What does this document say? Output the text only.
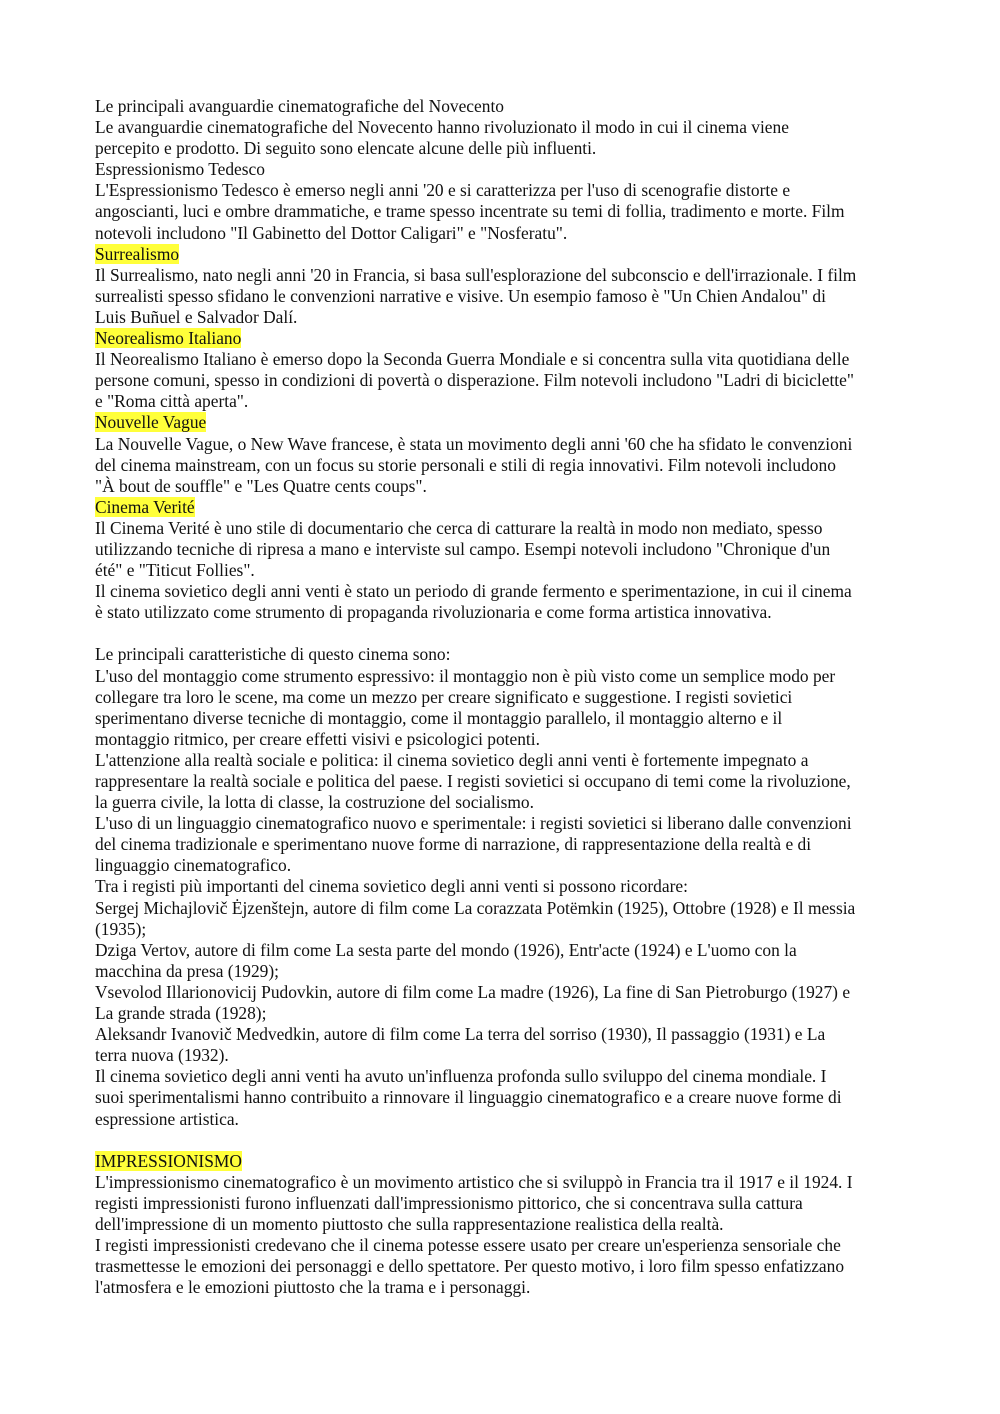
Le principali avanguardie cinematografiche del Novecento

Le avanguardie cinematografiche del Novecento hanno rivoluzionato il modo in cui il cinema viene

percepito e prodotto. Di seguito sono elencate alcune delle più influenti.

Espressionismo Tedesco

L'Espressionismo Tedesco è emerso negli anni '20 e si caratterizza per l'uso di scenografie distorte e

angoscianti, luci e ombre drammatiche, e trame spesso incentrate su temi di follia, tradimento e morte. Film

notevoli includono "Il Gabinetto del Dottor Caligari" e "Nosferatu".

Surrealismo

Il Surrealismo, nato negli anni '20 in Francia, si basa sull'esplorazione del subconscio e dell'irrazionale. I film

surrealisti spesso sfidano le convenzioni narrative e visive. Un esempio famoso è "Un Chien Andalou" di

Luis Buñuel e Salvador Dalí.

Neorealismo Italiano

Il Neorealismo Italiano è emerso dopo la Seconda Guerra Mondiale e si concentra sulla vita quotidiana delle

persone comuni, spesso in condizioni di povertà o disperazione. Film notevoli includono "Ladri di biciclette"

e "Roma città aperta".

Nouvelle Vague

La Nouvelle Vague, o New Wave francese, è stata un movimento degli anni '60 che ha sfidato le convenzioni

del cinema mainstream, con un focus su storie personali e stili di regia innovativi. Film notevoli includono

"À bout de souffle" e "Les Quatre cents coups".

Cinema Verité

Il Cinema Verité è uno stile di documentario che cerca di catturare la realtà in modo non mediato, spesso

utilizzando tecniche di ripresa a mano e interviste sul campo. Esempi notevoli includono "Chronique d'un

été" e "Titicut Follies".

Il cinema sovietico degli anni venti è stato un periodo di grande fermento e sperimentazione, in cui il cinema

è stato utilizzato come strumento di propaganda rivoluzionaria e come forma artistica innovativa.

Le principali caratteristiche di questo cinema sono:

L'uso del montaggio come strumento espressivo: il montaggio non è più visto come un semplice modo per

collegare tra loro le scene, ma come un mezzo per creare significato e suggestione. I registi sovietici

sperimentano diverse tecniche di montaggio, come il montaggio parallelo, il montaggio alterno e il

montaggio ritmico, per creare effetti visivi e psicologici potenti.

L'attenzione alla realtà sociale e politica: il cinema sovietico degli anni venti è fortemente impegnato a

rappresentare la realtà sociale e politica del paese. I registi sovietici si occupano di temi come la rivoluzione,

la guerra civile, la lotta di classe, la costruzione del socialismo.

L'uso di un linguaggio cinematografico nuovo e sperimentale: i registi sovietici si liberano dalle convenzioni

del cinema tradizionale e sperimentano nuove forme di narrazione, di rappresentazione della realtà e di

linguaggio cinematografico.

Tra i registi più importanti del cinema sovietico degli anni venti si possono ricordare:

Sergej Michajlovič Ėjzenštejn, autore di film come La corazzata Potëmkin (1925), Ottobre (1928) e Il messia

(1935);

Dziga Vertov, autore di film come La sesta parte del mondo (1926), Entr'acte (1924) e L'uomo con la

macchina da presa (1929);

Vsevolod Illarionovicij Pudovkin, autore di film come La madre (1926), La fine di San Pietroburgo (1927) e

La grande strada (1928);

Aleksandr Ivanovič Medvedkin, autore di film come La terra del sorriso (1930), Il passaggio (1931) e La

terra nuova (1932).

Il cinema sovietico degli anni venti ha avuto un'influenza profonda sullo sviluppo del cinema mondiale. I

suoi sperimentalismi hanno contribuito a rinnovare il linguaggio cinematografico e a creare nuove forme di

espressione artistica.

IMPRESSIONISMO

L'impressionismo cinematografico è un movimento artistico che si sviluppò in Francia tra il 1917 e il 1924. I

registi impressionisti furono influenzati dall'impressionismo pittorico, che si concentrava sulla cattura

dell'impressione di un momento piuttosto che sulla rappresentazione realistica della realtà.

I registi impressionisti credevano che il cinema potesse essere usato per creare un'esperienza sensoriale che

trasmettesse le emozioni dei personaggi e dello spettatore. Per questo motivo, i loro film spesso enfatizzano

l'atmosfera e le emozioni piuttosto che la trama e i personaggi.
